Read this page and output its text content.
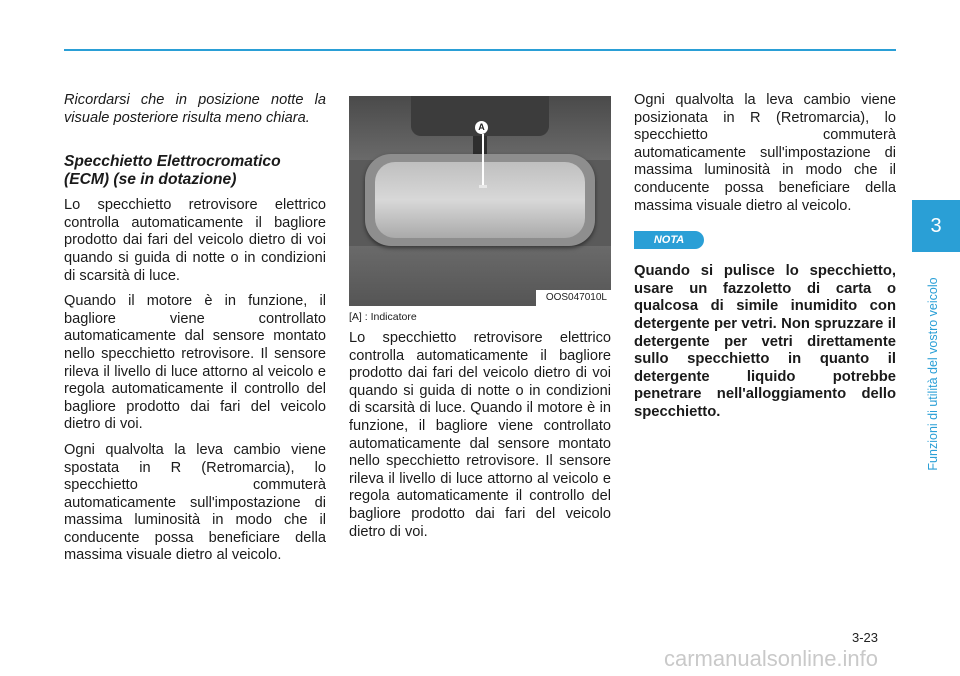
Ricordarsi che in posizione notte la visuale posteriore risulta meno chiara.

Specchietto Elettrocromatico (ECM) (se in dotazione)

Lo specchietto retrovisore elettrico controlla automaticamente il bagliore prodotto dai fari del veicolo dietro di voi quando si guida di notte o in condizioni di scarsità di luce.

Quando il motore è in funzione, il bagliore viene controllato automaticamente dal sensore montato nello specchietto retrovisore. Il sensore rileva il livello di luce attorno al veicolo e regola automaticamente il controllo del bagliore prodotto dai fari del veicolo dietro di voi.

Ogni qualvolta la leva cambio viene spostata in R (Retromarcia), lo specchietto commuterà automaticamente sull'impostazione di massima luminosità in modo che il conducente possa beneficiare della massima visuale dietro al veicolo.

A
OOS047010L
[A] : Indicatore

Lo specchietto retrovisore elettrico controlla automaticamente il bagliore prodotto dai fari del veicolo dietro di voi quando si guida di notte o in condizioni di scarsità di luce. Quando il motore è in funzione, il bagliore viene controllato automaticamente dal sensore montato nello specchietto retrovisore. Il sensore rileva il livello di luce attorno al veicolo e regola automaticamente il controllo del bagliore prodotto dai fari del veicolo dietro di voi.

Ogni qualvolta la leva cambio viene posizionata in R (Retromarcia), lo specchietto commuterà automaticamente sull'impostazione di massima luminosità in modo che il conducente possa beneficiare della massima visuale dietro al veicolo.

NOTA

Quando si pulisce lo specchietto, usare un fazzoletto di carta o qualcosa di simile inumidito con detergente per vetri. Non spruzzare il detergente per vetri direttamente sullo specchietto in quanto il detergente liquido potrebbe penetrare nell'alloggiamento dello specchietto.

3
Funzioni di utilità del vostro veicolo
3-23
carmanualsonline.info
